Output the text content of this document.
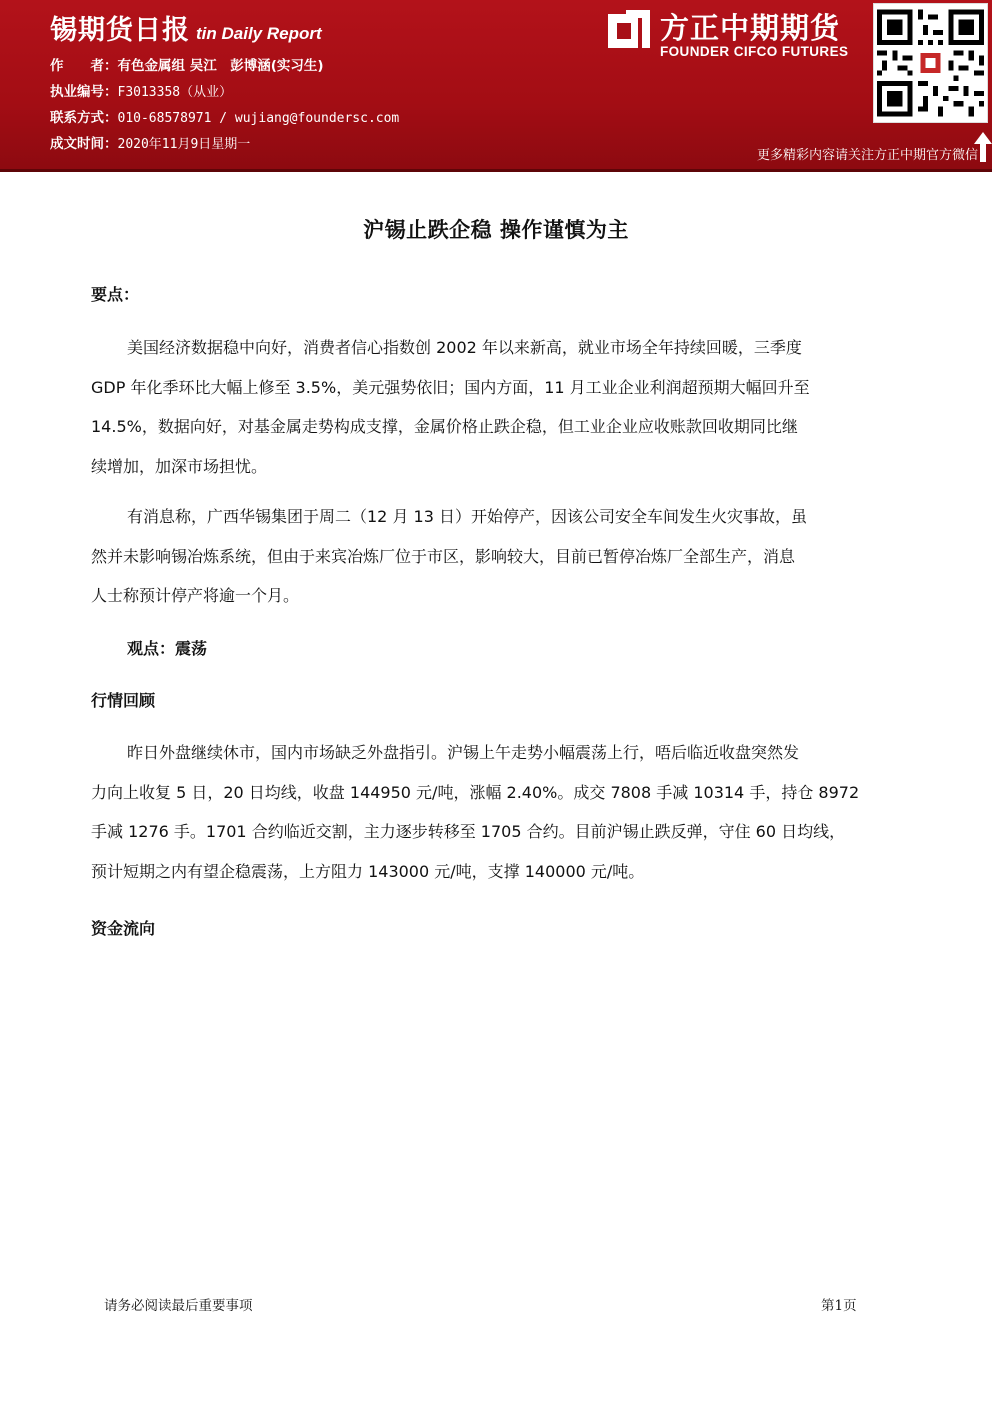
锡期货日报 tin Daily Report
作　　者：有色金属组 吴江　彭博涵(实习生)
执业编号：F3013358（从业）
联系方式：010-68578971 / wujiang@foundersc.com
成文时间：2020年11月9日星期一
方正中期期货
FOUNDER CIFCO FUTURES
更多精彩内容请关注方正中期官方微信
沪锡止跌企稳 操作谨慎为主
要点：
美国经济数据稳中向好，消费者信心指数创 2002 年以来新高，就业市场全年持续回暖，三季度
GDP 年化季环比大幅上修至 3.5%，美元强势依旧；国内方面，11 月工业企业利润超预期大幅回升至
14.5%，数据向好，对基金属走势构成支撑，金属价格止跌企稳，但工业企业应收账款回收期同比继
续增加，加深市场担忧。
有消息称，广西华锡集团于周二（12 月 13 日）开始停产，因该公司安全车间发生火灾事故，虽
然并未影响锡冶炼系统，但由于来宾冶炼厂位于市区，影响较大，目前已暂停冶炼厂全部生产，消息
人士称预计停产将逾一个月。
观点：震荡
行情回顾
昨日外盘继续休市，国内市场缺乏外盘指引。沪锡上午走势小幅震荡上行，唔后临近收盘突然发
力向上收复 5 日，20 日均线，收盘 144950 元/吨，涨幅 2.40%。成交 7808 手减 10314 手，持仓 8972
手减 1276 手。1701 合约临近交割，主力逐步转移至 1705 合约。目前沪锡止跌反弹，守住 60 日均线，
预计短期之内有望企稳震荡，上方阻力 143000 元/吨，支撑 140000 元/吨。
资金流向
请务必阅读最后重要事项	第1页
